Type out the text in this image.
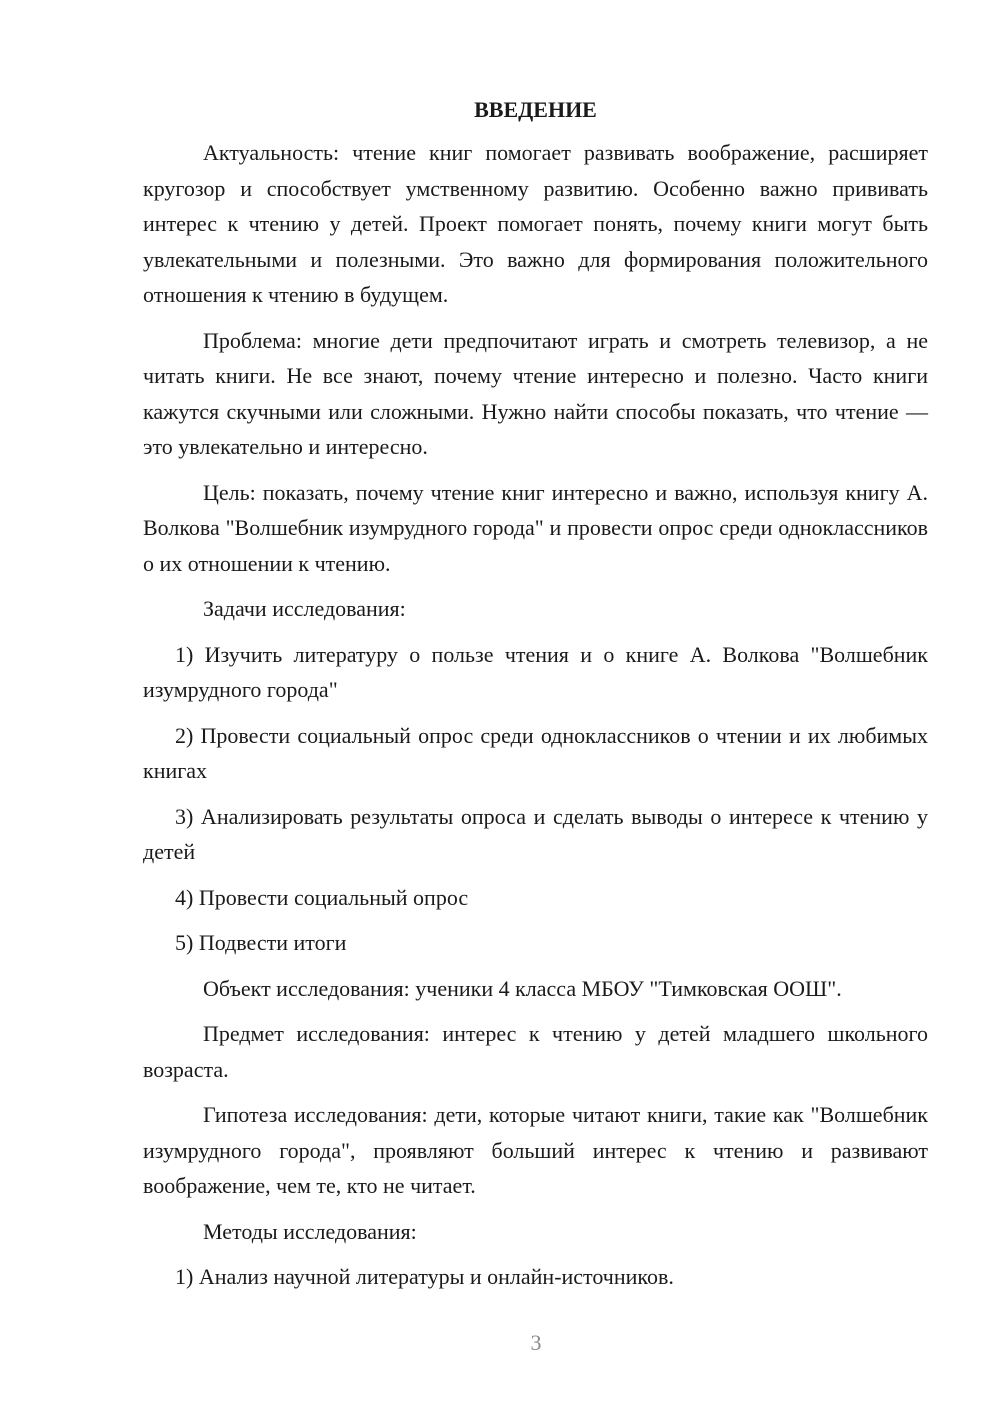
ВВЕДЕНИЕ

Актуальность: чтение книг помогает развивать воображение, расширяет кругозор и способствует умственному развитию. Особенно важно прививать интерес к чтению у детей. Проект помогает понять, почему книги могут быть увлекательными и полезными. Это важно для формирования положительного отношения к чтению в будущем.

Проблема: многие дети предпочитают играть и смотреть телевизор, а не читать книги. Не все знают, почему чтение интересно и полезно. Часто книги кажутся скучными или сложными. Нужно найти способы показать, что чтение — это увлекательно и интересно.

Цель: показать, почему чтение книг интересно и важно, используя книгу А. Волкова "Волшебник изумрудного города" и провести опрос среди одноклассников о их отношении к чтению.

Задачи исследования:

1) Изучить литературу о пользе чтения и о книге А. Волкова "Волшебник изумрудного города"

2) Провести социальный опрос среди одноклассников о чтении и их любимых книгах

3) Анализировать результаты опроса и сделать выводы о интересе к чтению у детей

4) Провести социальный опрос

5) Подвести итоги

Объект исследования: ученики 4 класса МБОУ "Тимковская ООШ".

Предмет исследования: интерес к чтению у детей младшего школьного возраста.

Гипотеза исследования: дети, которые читают книги, такие как "Волшебник изумрудного города", проявляют больший интерес к чтению и развивают воображение, чем те, кто не читает.

Методы исследования:

1) Анализ научной литературы и онлайн-источников.

3
